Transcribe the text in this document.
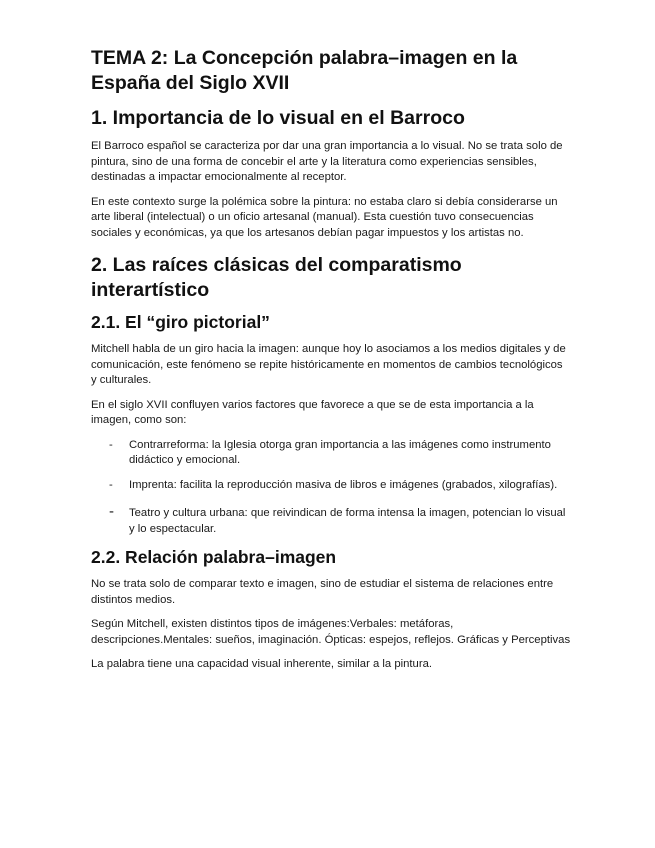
TEMA 2: La Concepción palabra–imagen en la España del Siglo XVII
1. Importancia de lo visual en el Barroco
El Barroco español se caracteriza por dar una gran importancia a lo visual. No se trata solo de pintura, sino de una forma de concebir el arte y la literatura como experiencias sensibles, destinadas a impactar emocionalmente al receptor.
En este contexto surge la polémica sobre la pintura: no estaba claro si debía considerarse un arte liberal (intelectual) o un oficio artesanal (manual). Esta cuestión tuvo consecuencias sociales y económicas, ya que los artesanos debían pagar impuestos y los artistas no.
2. Las raíces clásicas del comparatismo interartístico
2.1. El “giro pictorial”
Mitchell habla de un giro hacia la imagen: aunque hoy lo asociamos a los medios digitales y de comunicación, este fenómeno se repite históricamente en momentos de cambios tecnológicos y culturales.
En el siglo XVII confluyen varios factores que favorece a que se de esta importancia a la imagen, como son:
- Contrarreforma: la Iglesia otorga gran importancia a las imágenes como instrumento didáctico y emocional.
- Imprenta: facilita la reproducción masiva de libros e imágenes (grabados, xilografías).
- Teatro y cultura urbana: que reivindican de forma intensa la imagen, potencian lo visual y lo espectacular.
2.2. Relación palabra–imagen
No se trata solo de comparar texto e imagen, sino de estudiar el sistema de relaciones entre distintos medios.
Según Mitchell, existen distintos tipos de imágenes:Verbales: metáforas, descripciones.Mentales: sueños, imaginación. Ópticas: espejos, reflejos. Gráficas y Perceptivas
La palabra tiene una capacidad visual inherente, similar a la pintura.
